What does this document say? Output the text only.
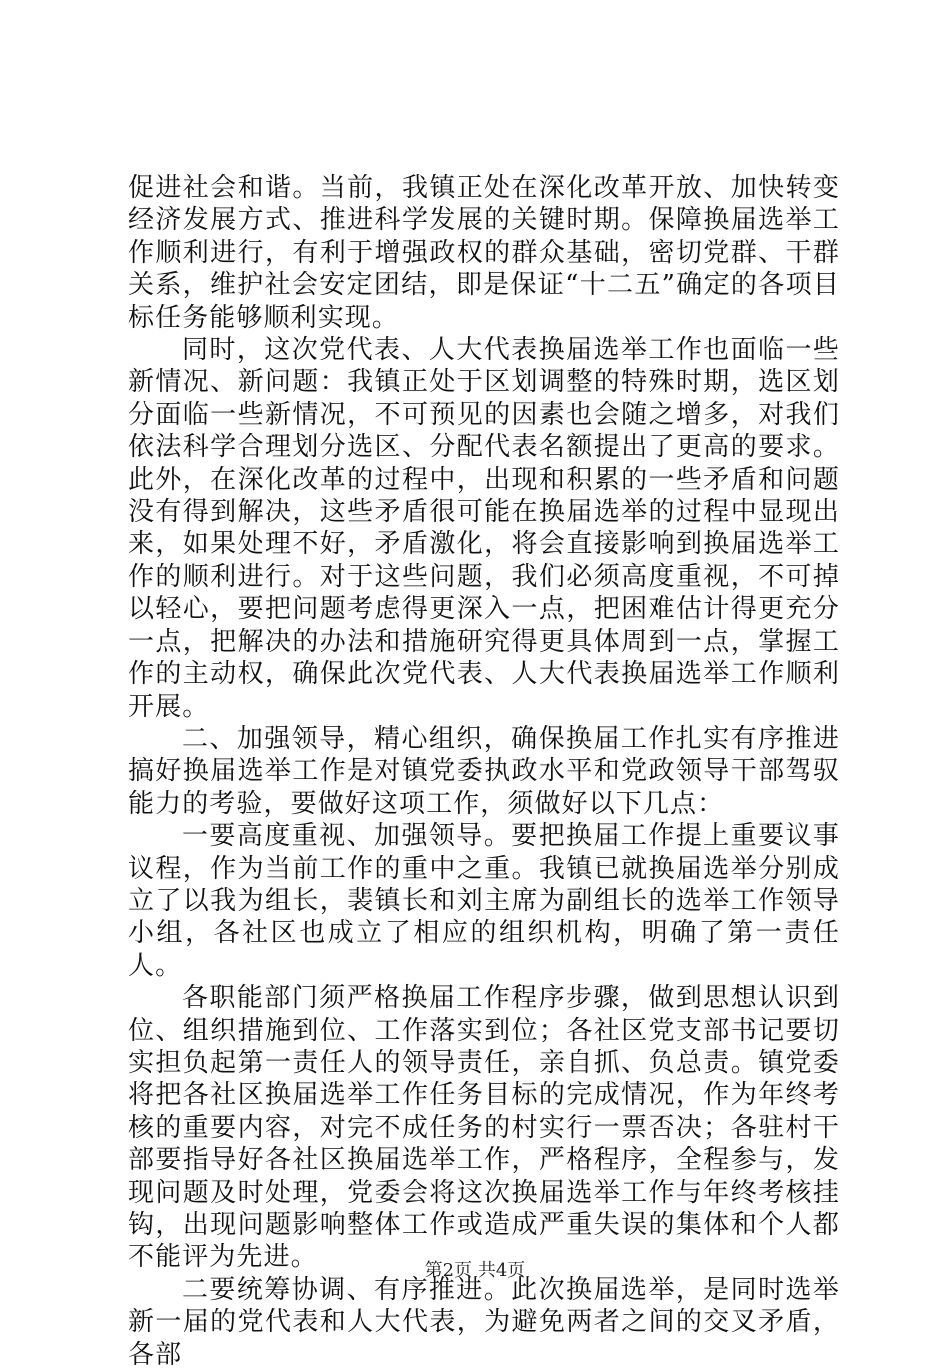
促进社会和谐。当前，我镇正处在深化改革开放、加快转变经济发展方式、推进科学发展的关键时期。保障换届选举工作顺利进行，有利于增强政权的群众基础，密切党群、干群关系，维护社会安定团结，即是保证“十二五”确定的各项目标任务能够顺利实现。

同时，这次党代表、人大代表换届选举工作也面临一些新情况、新问题：我镇正处于区划调整的特殊时期，选区划分面临一些新情况，不可预见的因素也会随之增多，对我们依法科学合理划分选区、分配代表名额提出了更高的要求。此外，在深化改革的过程中，出现和积累的一些矛盾和问题没有得到解决，这些矛盾很可能在换届选举的过程中显现出来，如果处理不好，矛盾激化，将会直接影响到换届选举工作的顺利进行。对于这些问题，我们必须高度重视，不可掉以轻心，要把问题考虑得更深入一点，把困难估计得更充分一点，把解决的办法和措施研究得更具体周到一点，掌握工作的主动权，确保此次党代表、人大代表换届选举工作顺利开展。

二、加强领导，精心组织，确保换届工作扎实有序推进搞好换届选举工作是对镇党委执政水平和党政领导干部驾驭能力的考验，要做好这项工作，须做好以下几点：

一要高度重视、加强领导。要把换届工作提上重要议事议程，作为当前工作的重中之重。我镇已就换届选举分别成立了以我为组长，裴镇长和刘主席为副组长的选举工作领导小组，各社区也成立了相应的组织机构，明确了第一责任人。

各职能部门须严格换届工作程序步骤，做到思想认识到位、组织措施到位、工作落实到位；各社区党支部书记要切实担负起第一责任人的领导责任，亲自抓、负总责。镇党委将把各社区换届选举工作任务目标的完成情况，作为年终考核的重要内容，对完不成任务的村实行一票否决；各驻村干部要指导好各社区换届选举工作，严格程序，全程参与，发现问题及时处理，党委会将这次换届选举工作与年终考核挂钩，出现问题影响整体工作或造成严重失误的集体和个人都不能评为先进。

二要统筹协调、有序推进。此次换届选举，是同时选举新一届的党代表和人大代表，为避免两者之间的交叉矛盾，各部

第2页 共4页
